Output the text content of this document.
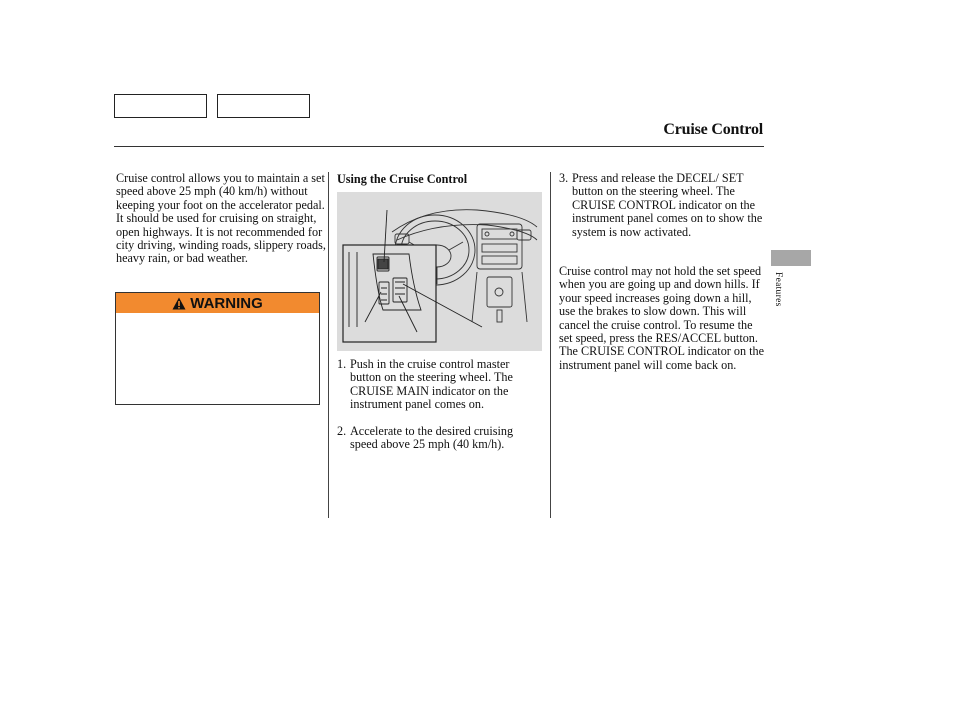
Cruise Control

Cruise control allows you to maintain a set speed above 25 mph (40 km/h) without keeping your foot on the accelerator pedal. It should be used for cruising on straight, open highways. It is not recommended for city driving, winding roads, slippery roads, heavy rain, or bad weather.

WARNING
Using the Cruise Control
1. Push in the cruise control master button on the steering wheel. The CRUISE MAIN indicator on the instrument panel comes on.
2. Accelerate to the desired cruising speed above 25 mph (40 km/h).
3. Press and release the DECEL/ SET button on the steering wheel. The CRUISE CONTROL indicator on the instrument panel comes on to show the system is now activated.

Cruise control may not hold the set speed when you are going up and down hills. If your speed increases going down a hill, use the brakes to slow down. This will cancel the cruise control. To resume the set speed, press the RES/ACCEL button. The CRUISE CONTROL indicator on the instrument panel will come back on.

Features
